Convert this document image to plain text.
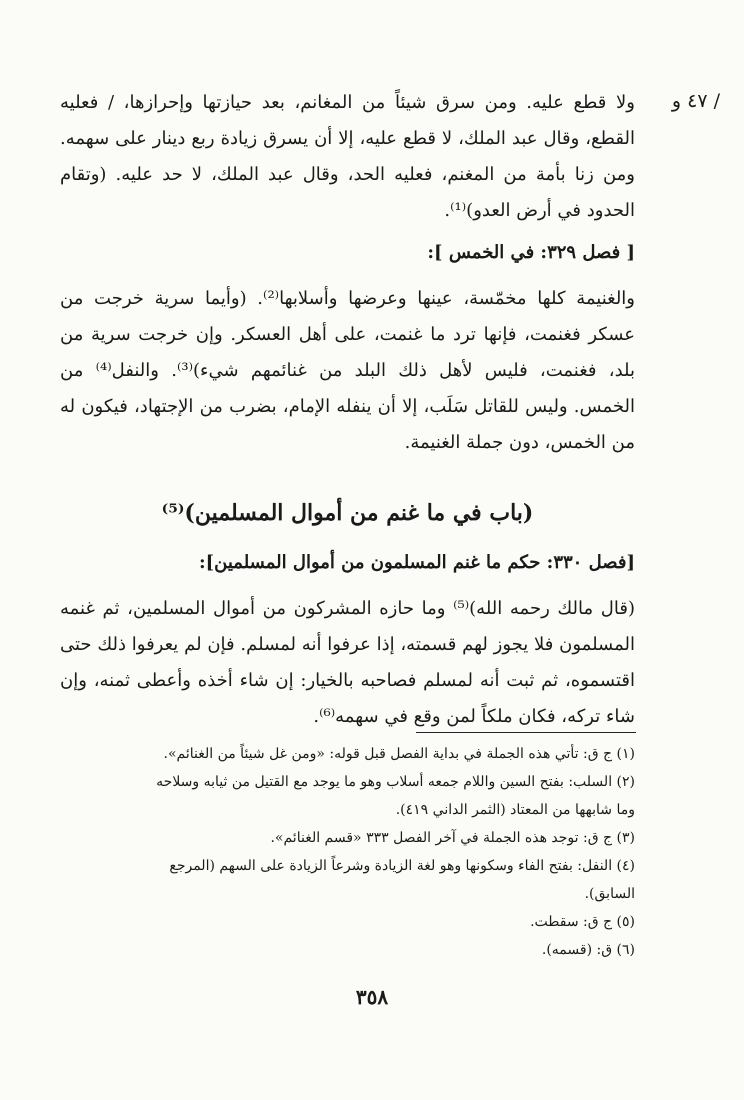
/ ٤٧ و

ولا قطع عليه. ومن سرق شيئاً من المغانم، بعد حيازتها وإحرازها، / فعليه القطع، وقال عبد الملك، لا قطع عليه، إلا أن يسرق زيادة ربع دينار على سهمه. ومن زنا بأمة من المغنم، فعليه الحد، وقال عبد الملك، لا حد عليه. (وتقام الحدود في أرض العدو)⁽¹⁾.

[ فصل ٣٢٩: في الخمس ]:

والغنيمة كلها مخمّسة، عينها وعرضها وأسلابها⁽²⁾. (وأيما سرية خرجت من عسكر فغنمت، فإنها ترد ما غنمت، على أهل العسكر. وإن خرجت سرية من بلد، فغنمت، فليس لأهل ذلك البلد من غنائمهم شيء)⁽³⁾. والنفل⁽⁴⁾ من الخمس. وليس للقاتل سَلَب، إلا أن ينفله الإمام، بضرب من الإجتهاد، فيكون له من الخمس، دون جملة الغنيمة.

(باب في ما غنم من أموال المسلمين)⁽⁵⁾

[فصل ٣٣٠: حكم ما غنم المسلمون من أموال المسلمين]:

(قال مالك رحمه الله)⁽⁵⁾ وما حازه المشركون من أموال المسلمين، ثم غنمه المسلمون فلا يجوز لهم قسمته، إذا عرفوا أنه لمسلم. فإن لم يعرفوا ذلك حتى اقتسموه، ثم ثبت أنه لمسلم فصاحبه بالخيار: إن شاء أخذه وأعطى ثمنه، وإن شاء تركه، فكان ملكاً لمن وقع في سهمه⁽⁶⁾.

(١) ج ق: تأتي هذه الجملة في بداية الفصل قبل قوله: «ومن غل شيئاً من الغنائم».

(٢) السلب: بفتح السين واللام جمعه أسلاب وهو ما يوجد مع القتيل من ثيابه وسلاحه

وما شابهها من المعتاد (الثمر الداني ٤١٩).

(٣) ج ق: توجد هذه الجملة في آخر الفصل ٣٣٣ «قسم الغنائم».

(٤) النفل: بفتح الفاء وسكونها وهو لغة الزيادة وشرعاً الزيادة على السهم (المرجع

السابق).

(٥) ج ق: سقطت.

(٦) ق: (قسمه).

٣٥٨
